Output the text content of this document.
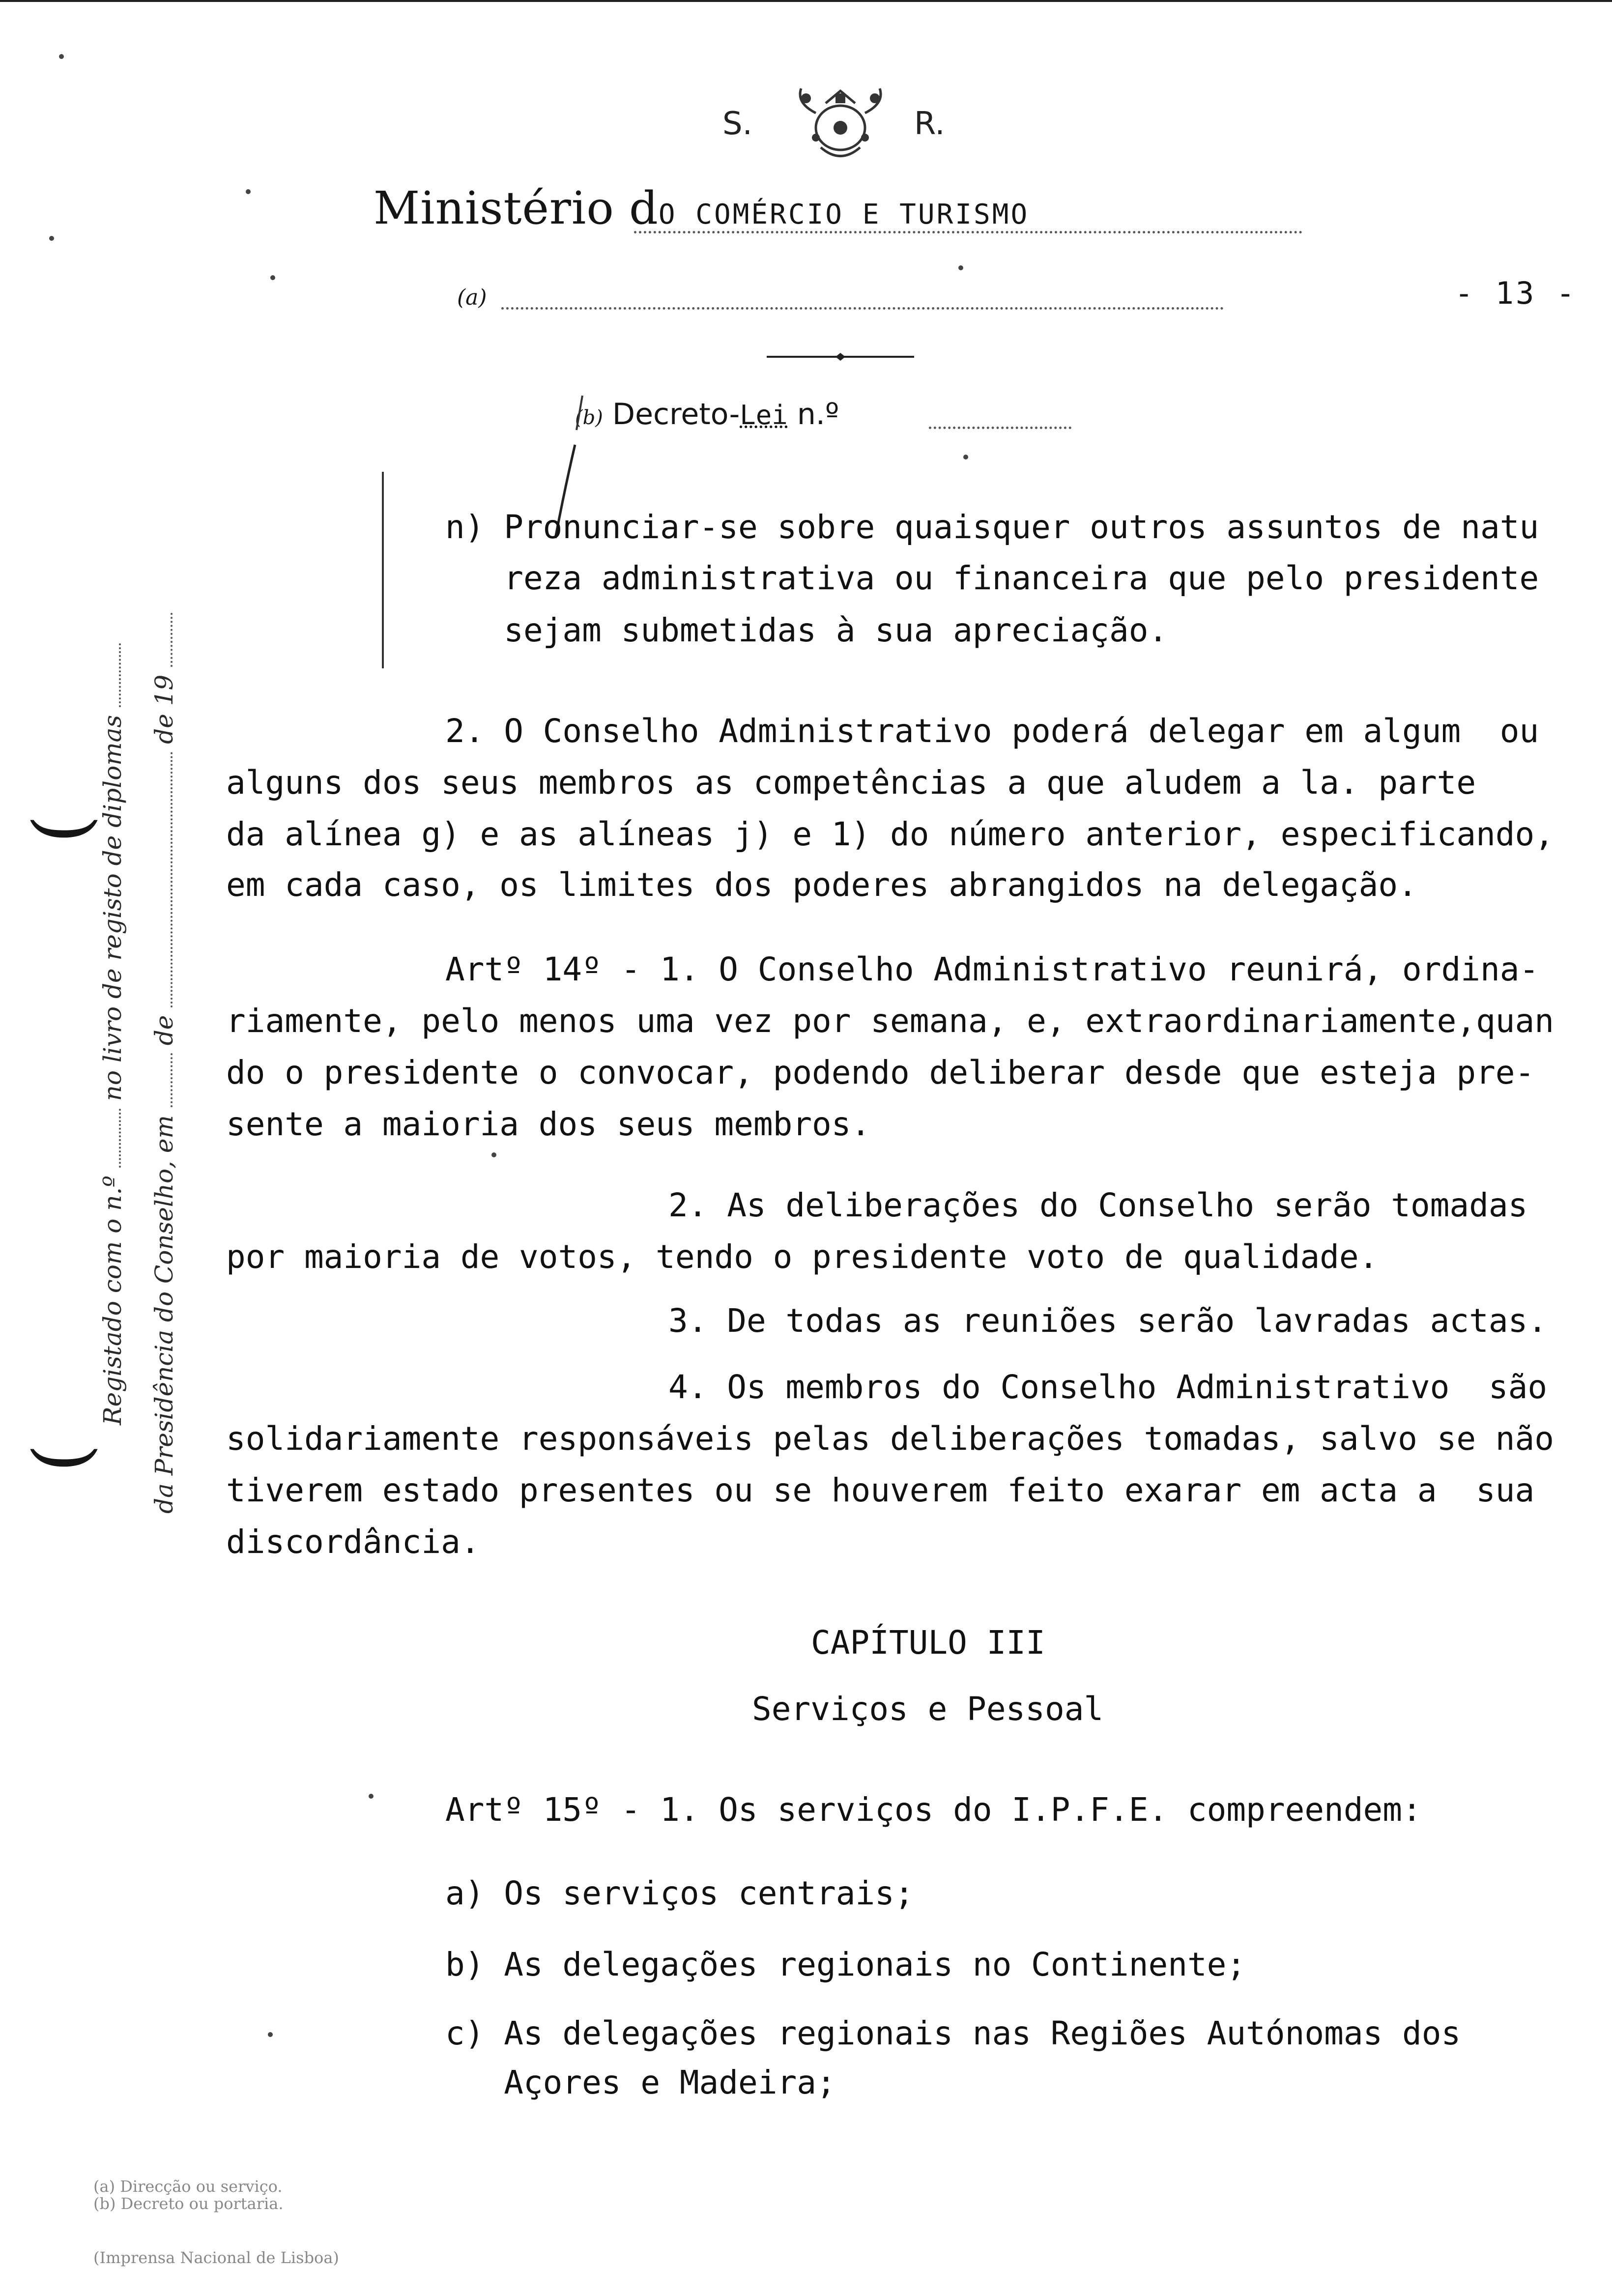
S.	R.
Ministério dO COMÉRCIO E TURISMO
(a)	- 13 -
(b) Decreto-Lei n.º
(
(
Registado com o n.º  no livro de registo de diplomas
da Presidência do Conselho, em  de  de 19
n) Pronunciar-se sobre quaisquer outros assuntos de natu
reza administrativa ou financeira que pelo presidente
sejam submetidas à sua apreciação.
2. O Conselho Administrativo poderá delegar em algum  ou
alguns dos seus membros as competências a que aludem a la. parte
da alínea g) e as alíneas j) e 1) do número anterior, especificando,
em cada caso, os limites dos poderes abrangidos na delegação.
Artº 14º - 1. O Conselho Administrativo reunirá, ordina-
riamente, pelo menos uma vez por semana, e, extraordinariamente,quan
do o presidente o convocar, podendo deliberar desde que esteja pre-
sente a maioria dos seus membros.
2. As deliberações do Conselho serão tomadas
por maioria de votos, tendo o presidente voto de qualidade.
3. De todas as reuniões serão lavradas actas.
4. Os membros do Conselho Administrativo  são
solidariamente responsáveis pelas deliberações tomadas, salvo se não
tiverem estado presentes ou se houverem feito exarar em acta a  sua
discordância.
CAPÍTULO III
Serviços e Pessoal
Artº 15º - 1. Os serviços do I.P.F.E. compreendem:
a) Os serviços centrais;
b) As delegações regionais no Continente;
c) As delegações regionais nas Regiões Autónomas dos
Açores e Madeira;
(a) Direcção ou serviço.
(b) Decreto ou portaria.
(Imprensa Nacional de Lisboa)
